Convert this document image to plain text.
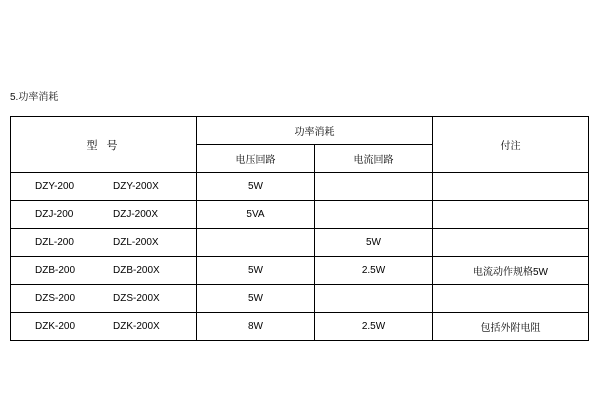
5.功率消耗
型 号	功率消耗		付注
	电压回路	电流回路	

DZY-200 DZY-200X	5W		

DZJ-200 DZJ-200X	5VA		

DZL-200 DZL-200X		5W	

DZB-200 DZB-200X	5W	2.5W	电流动作规格5W

DZS-200 DZS-200X	5W		

DZK-200 DZK-200X	8W	2.5W	包括外附电阻
